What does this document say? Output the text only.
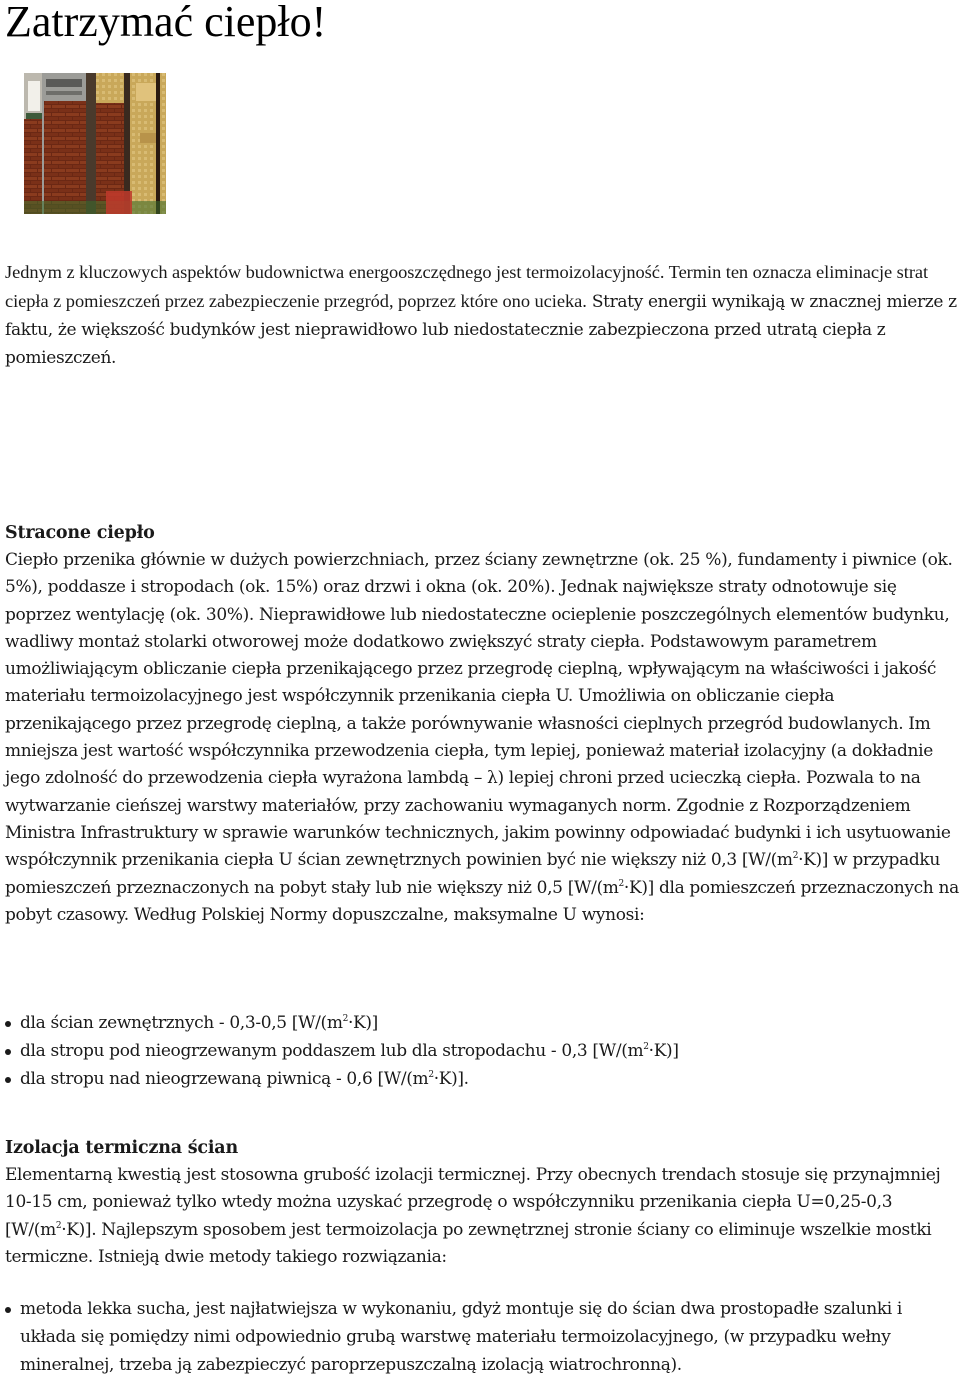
Zatrzymać ciepło!

Jednym z kluczowych aspektów budownictwa energooszczędnego jest termoizolacyjność. Termin ten oznacza eliminacje strat ciepła z pomieszczeń przez zabezpieczenie przegród, poprzez które ono ucieka. Straty energii wynikają w znacznej mierze z faktu, że większość budynków jest nieprawidłowo lub niedostatecznie zabezpieczona przed utratą ciepła z pomieszczeń.

Stracone ciepło

Ciepło przenika głównie w dużych powierzchniach, przez ściany zewnętrzne (ok. 25 %), fundamenty i piwnice (ok. 5%), poddasze i stropodach (ok. 15%) oraz drzwi i okna (ok. 20%). Jednak największe straty odnotowuje się poprzez wentylację (ok. 30%). Nieprawidłowe lub niedostateczne ocieplenie poszczególnych elementów budynku, wadliwy montaż stolarki otworowej może dodatkowo zwiększyć straty ciepła. Podstawowym parametrem umożliwiającym obliczanie ciepła przenikającego przez przegrodę cieplną, wpływającym na właściwości i jakość materiału termoizolacyjnego jest współczynnik przenikania ciepła U. Umożliwia on obliczanie ciepła przenikającego przez przegrodę cieplną, a także porównywanie własności cieplnych przegród budowlanych. Im mniejsza jest wartość współczynnika przewodzenia ciepła, tym lepiej, ponieważ materiał izolacyjny (a dokładnie jego zdolność do przewodzenia ciepła wyrażona lambdą – λ) lepiej chroni przed ucieczką ciepła. Pozwala to na wytwarzanie cieńszej warstwy materiałów, przy zachowaniu wymaganych norm. Zgodnie z Rozporządzeniem Ministra Infrastruktury w sprawie warunków technicznych, jakim powinny odpowiadać budynki i ich usytuowanie współczynnik przenikania ciepła U ścian zewnętrznych powinien być nie większy niż 0,3 $[W/(m^2\cdot K)]$ w przypadku pomieszczeń przeznaczonych na pobyt stały lub nie większy niż 0,5 $[W/(m^2\cdot K)]$ dla pomieszczeń przeznaczonych na pobyt czasowy. Według Polskiej Normy dopuszczalne, maksymalne U wynosi:

dla ścian zewnętrznych - 0,3-0,5 $[W/(m^2\cdot K)]$
dla stropu pod nieogrzewanym poddaszem lub dla stropodachu - 0,3 $[W/(m^2\cdot K)]$
dla stropu nad nieogrzewaną piwnicą - 0,6 $[W/(m^2\cdot K)]$.
Izolacja termiczna ścian

Elementarną kwestią jest stosowna grubość izolacji termicznej. Przy obecnych trendach stosuje się przynajmniej 10-15 cm, ponieważ tylko wtedy można uzyskać przegrodę o współczynniku przenikania ciepła U=0,25-0,3 $[W/(m^2\cdot K)]$. Najlepszym sposobem jest termoizolacja po zewnętrznej stronie ściany co eliminuje wszelkie mostki termiczne. Istnieją dwie metody takiego rozwiązania:

metoda lekka sucha, jest najłatwiejsza w wykonaniu, gdyż montuje się do ścian dwa prostopadłe szalunki i układa się pomiędzy nimi odpowiednio grubą warstwę materiału termoizolacyjnego, (w przypadku wełny mineralnej, trzeba ją zabezpieczyć paroprzepuszczalną izolacją wiatrochronną).
